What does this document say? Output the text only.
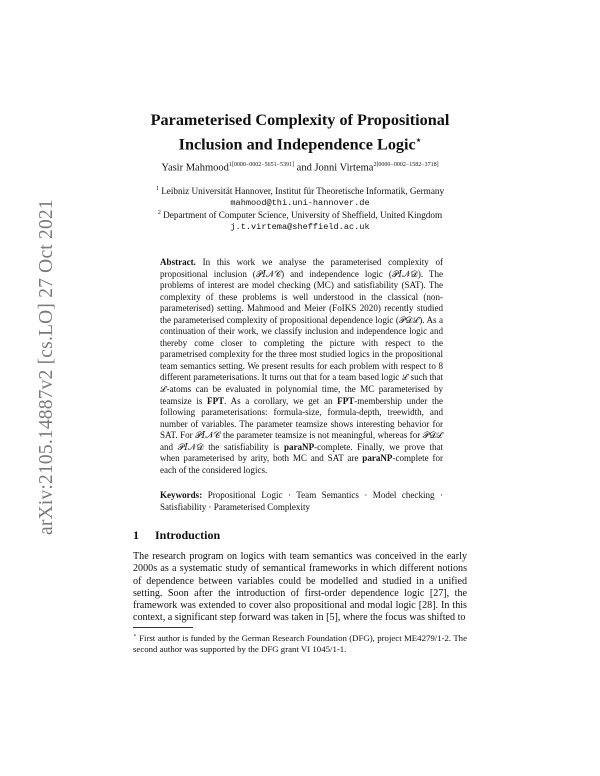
arXiv:2105.14887v2 [cs.LO] 27 Oct 2021
Parameterised Complexity of Propositional
Inclusion and Independence Logic⋆
Yasir Mahmood$^{1[0000-0002-5651-5391]}$ and Jonni Virtema$^{2[0000-0002-1582-3718]}$
$^1$ Leibniz Universität Hannover, Institut für Theoretische Informatik, Germany
mahmood@thi.uni-hannover.de
$^2$ Department of Computer Science, University of Sheffield, United Kingdom
j.t.virtema@sheffield.ac.uk
Abstract. In this work we analyse the parameterised complexity of propositional inclusion (𝒫𝐼𝒩𝒞) and independence logic (𝒫𝐼𝒩𝒟). The problems of interest are model checking (MC) and satisfiability (SAT). The complexity of these problems is well understood in the classical (non-parameterised) setting. Mahmood and Meier (FoIKS 2020) recently studied the parameterised complexity of propositional dependence logic (𝒫𝒟ℒ). As a continuation of their work, we classify inclusion and independence logic and thereby come closer to completing the picture with respect to the parametrised complexity for the three most studied logics in the propositional team semantics setting. We present results for each problem with respect to 8 different parameterisations. It turns out that for a team based logic ℒ such that ℒ-atoms can be evaluated in polynomial time, the MC parameterised by teamsize is FPT. As a corollary, we get an FPT-membership under the following parameterisations: formula-size, formula-depth, treewidth, and number of variables. The parameter teamsize shows interesting behavior for SAT. For 𝒫𝐼𝒩𝒞 the parameter teamsize is not meaningful, whereas for 𝒫𝒟ℒ and 𝒫𝐼𝒩𝒟 the satisfiability is paraNP-complete. Finally, we prove that when parameterised by arity, both MC and SAT are paraNP-complete for each of the considered logics.
Keywords: Propositional Logic · Team Semantics · Model checking · Satisfiability · Parameterised Complexity
1 Introduction
The research program on logics with team semantics was conceived in the early 2000s as a systematic study of semantical frameworks in which different notions of dependence between variables could be modelled and studied in a unified setting. Soon after the introduction of first-order dependence logic [27], the framework was extended to cover also propositional and modal logic [28]. In this context, a significant step forward was taken in [5], where the focus was shifted to
⋆ First author is funded by the German Research Foundation (DFG), project ME4279/1-2. The second author was supported by the DFG grant VI 1045/1-1.
